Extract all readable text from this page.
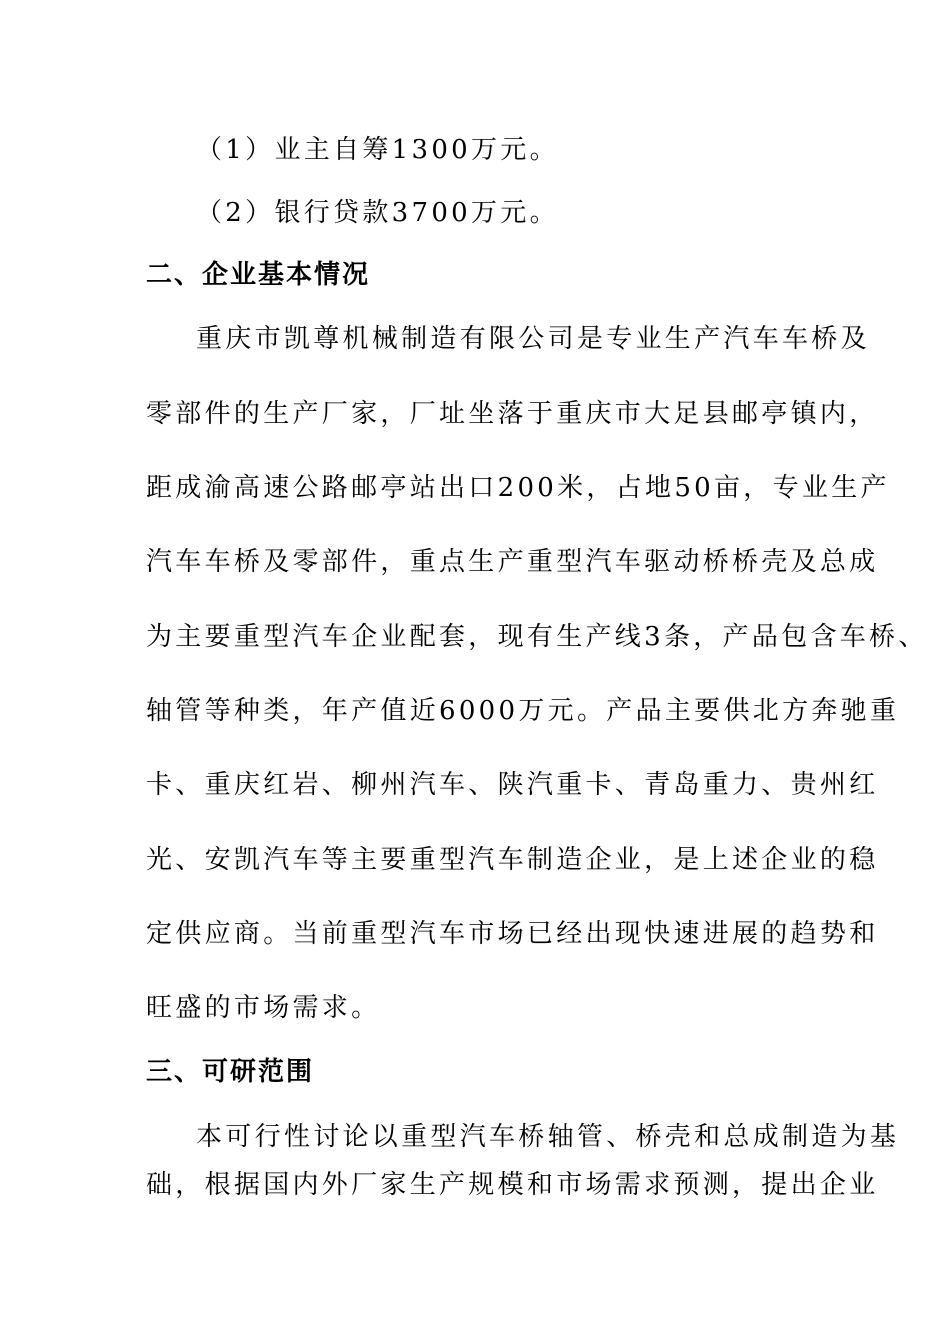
（1）业主自筹1300万元。
（2）银行贷款3700万元。
二、企业基本情况
重庆市凯尊机械制造有限公司是专业生产汽车车桥及
零部件的生产厂家，厂址坐落于重庆市大足县邮亭镇内，
距成渝高速公路邮亭站出口200米，占地50亩，专业生产
汽车车桥及零部件，重点生产重型汽车驱动桥桥壳及总成
为主要重型汽车企业配套，现有生产线3条，产品包含车桥、
轴管等种类，年产值近6000万元。产品主要供北方奔驰重
卡、重庆红岩、柳州汽车、陕汽重卡、青岛重力、贵州红
光、安凯汽车等主要重型汽车制造企业，是上述企业的稳
定供应商。当前重型汽车市场已经出现快速进展的趋势和
旺盛的市场需求。
三、可研范围
本可行性讨论以重型汽车桥轴管、桥壳和总成制造为基
础，根据国内外厂家生产规模和市场需求预测，提出企业
